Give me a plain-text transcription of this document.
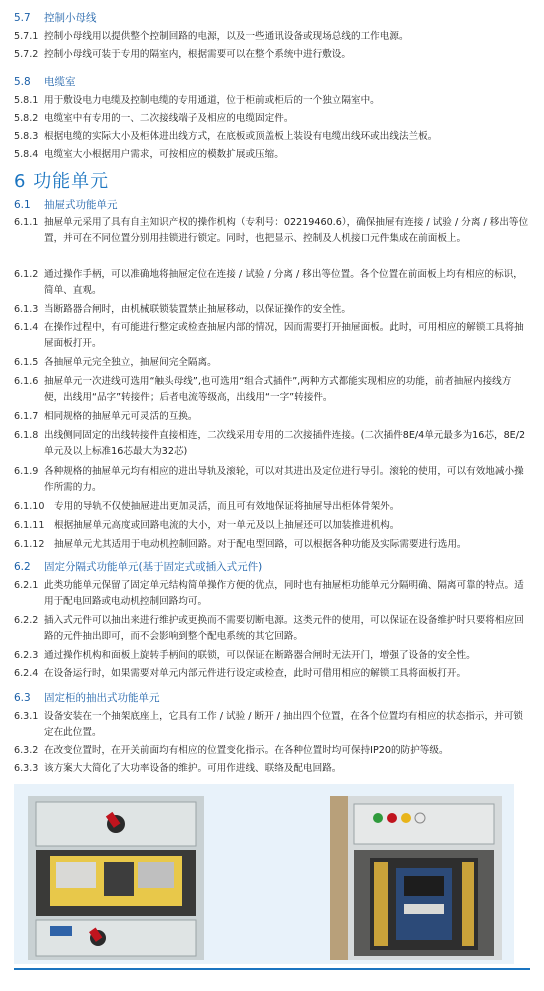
5.7 控制小母线
5.7.1 控制小母线用以提供整个控制回路的电源，以及一些通讯设备或现场总线的工作电源。
5.7.2 控制小母线可装于专用的隔室内，根据需要可以在整个系统中进行敷设。
5.8 电缆室
5.8.1 用于敷设电力电缆及控制电缆的专用通道，位于柜前或柜后的一个独立隔室中。
5.8.2 电缆室中有专用的一、二次接线端子及相应的电缆固定件。
5.8.3 根据电缆的实际大小及柜体进出线方式，在底板或顶盖板上装设有电缆出线环或出线法兰板。
5.8.4 电缆室大小根据用户需求，可按相应的模数扩展或压缩。
6 功能单元
6.1 抽屉式功能单元
6.1.1 抽屉单元采用了具有自主知识产权的操作机构（专利号：02219460.6），确保抽屉有连接 / 试验 / 分离 / 移出等位置，并可在不同位置分别用挂锁进行锁定。同时，也把显示、控制及人机接口元件集成在前面板上。
6.1.2 通过操作手柄，可以准确地将抽屉定位在连接 / 试验 / 分离 / 移出等位置。各个位置在前面板上均有相应的标识，简单、直观。
6.1.3 当断路器合闸时，由机械联锁装置禁止抽屉移动，以保证操作的安全性。
6.1.4 在操作过程中，有可能进行整定或检查抽屉内部的情况，因而需要打开抽屉面板。此时，可用相应的解锁工具将抽屉面板打开。
6.1.5 各抽屉单元完全独立，抽屉间完全隔离。
6.1.6 抽屉单元一次进线可选用“触头母线”,也可选用“组合式插件”,两种方式都能实现相应的功能，前者抽屉内接线方便，出线用“品字”转接件；后者电流等级高，出线用“一字”转接件。
6.1.7 相同规格的抽屉单元可灵活的互换。
6.1.8 出线侧同固定的出线转接件直接相连，二次线采用专用的二次接插件连接。(二次插件8E/4单元最多为16芯，8E/2单元及以上标准16芯最大为32芯)
6.1.9 各种规格的抽屉单元均有相应的进出导轨及滚轮，可以对其进出及定位进行导引。滚轮的使用，可以有效地减小操作所需的力。
6.1.10 专用的导轨不仅使抽屉进出更加灵活，而且可有效地保证将抽屉导出柜体骨架外。
6.1.11 根据抽屉单元高度或回路电流的大小，对一单元及以上抽屉还可以加装推进机构。
6.1.12 抽屉单元尤其适用于电动机控制回路。对于配电型回路，可以根据各种功能及实际需要进行选用。
6.2 固定分隔式功能单元(基于固定式或插入式元件)
6.2.1 此类功能单元保留了固定单元结构简单操作方便的优点，同时也有抽屉柜功能单元分隔明确、隔离可靠的特点。适用于配电回路或电动机控制回路均可。
6.2.2 插入式元件可以抽出来进行维护或更换而不需要切断电源。这类元件的使用，可以保证在设备维护时只要将相应回路的元件抽出即可，而不会影响到整个配电系统的其它回路。
6.2.3 通过操作机构和面板上旋转手柄间的联锁，可以保证在断路器合闸时无法开门，增强了设备的安全性。
6.2.4 在设备运行时，如果需要对单元内部元件进行设定或检查，此时可借用相应的解锁工具将面板打开。
6.3 固定柜的抽出式功能单元
6.3.1 设备安装在一个抽架底座上，它具有工作 / 试验 / 断开 / 抽出四个位置，在各个位置均有相应的状态指示，并可锁定在此位置。
6.3.2 在改变位置时，在开关前面均有相应的位置变化指示。在各种位置时均可保持IP20的防护等级。
6.3.3 该方案大大简化了大功率设备的维护。可用作进线、联络及配电回路。
